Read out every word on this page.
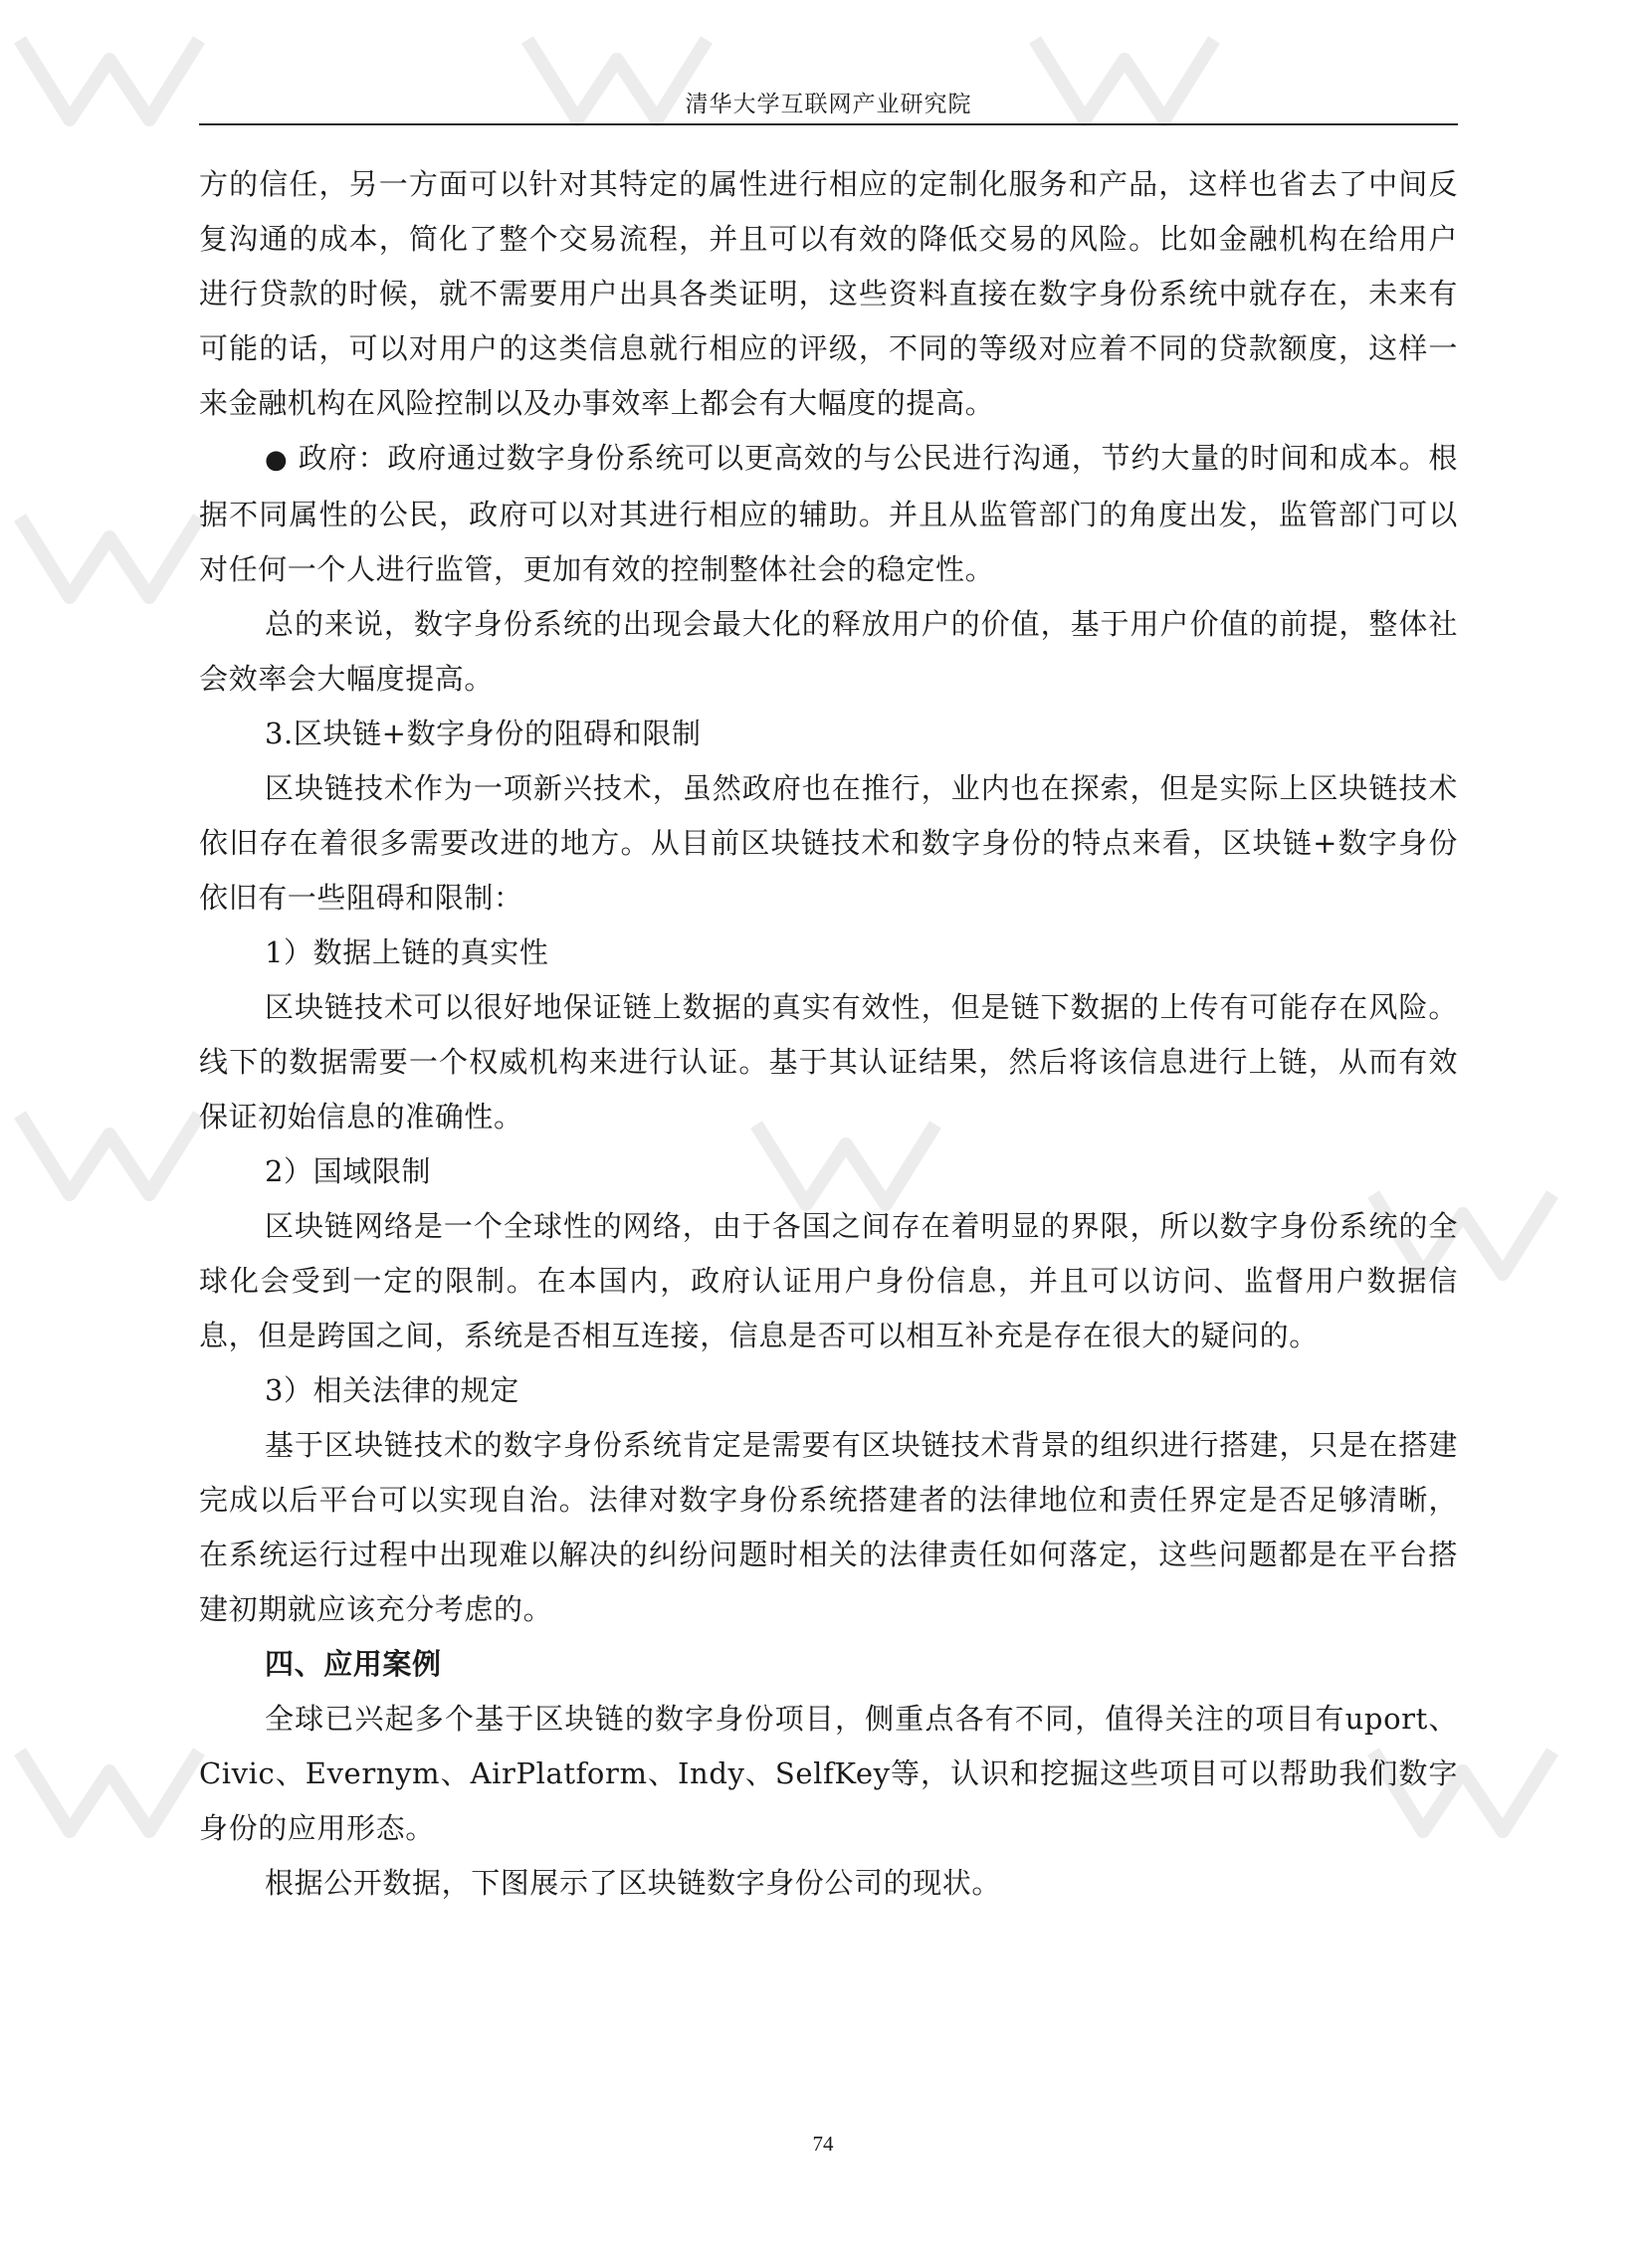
清华大学互联网产业研究院

方的信任，另一方面可以针对其特定的属性进行相应的定制化服务和产品，这样也省去了中间反复沟通的成本，简化了整个交易流程，并且可以有效的降低交易的风险。比如金融机构在给用户进行贷款的时候，就不需要用户出具各类证明，这些资料直接在数字身份系统中就存在，未来有可能的话，可以对用户的这类信息就行相应的评级，不同的等级对应着不同的贷款额度，这样一来金融机构在风险控制以及办事效率上都会有大幅度的提高。

● 政府：政府通过数字身份系统可以更高效的与公民进行沟通，节约大量的时间和成本。根据不同属性的公民，政府可以对其进行相应的辅助。并且从监管部门的角度出发，监管部门可以对任何一个人进行监管，更加有效的控制整体社会的稳定性。

总的来说，数字身份系统的出现会最大化的释放用户的价值，基于用户价值的前提，整体社会效率会大幅度提高。

3.区块链+数字身份的阻碍和限制

区块链技术作为一项新兴技术，虽然政府也在推行，业内也在探索，但是实际上区块链技术依旧存在着很多需要改进的地方。从目前区块链技术和数字身份的特点来看，区块链+数字身份依旧有一些阻碍和限制：

1）数据上链的真实性

区块链技术可以很好地保证链上数据的真实有效性，但是链下数据的上传有可能存在风险。线下的数据需要一个权威机构来进行认证。基于其认证结果，然后将该信息进行上链，从而有效保证初始信息的准确性。

2）国域限制

区块链网络是一个全球性的网络，由于各国之间存在着明显的界限，所以数字身份系统的全球化会受到一定的限制。在本国内，政府认证用户身份信息，并且可以访问、监督用户数据信息，但是跨国之间，系统是否相互连接，信息是否可以相互补充是存在很大的疑问的。

3）相关法律的规定

基于区块链技术的数字身份系统肯定是需要有区块链技术背景的组织进行搭建，只是在搭建完成以后平台可以实现自治。法律对数字身份系统搭建者的法律地位和责任界定是否足够清晰，在系统运行过程中出现难以解决的纠纷问题时相关的法律责任如何落定，这些问题都是在平台搭建初期就应该充分考虑的。

四、应用案例

全球已兴起多个基于区块链的数字身份项目，侧重点各有不同，值得关注的项目有uport、Civic、Evernym、AirPlatform、Indy、SelfKey等，认识和挖掘这些项目可以帮助我们数字身份的应用形态。

根据公开数据，下图展示了区块链数字身份公司的现状。

74
